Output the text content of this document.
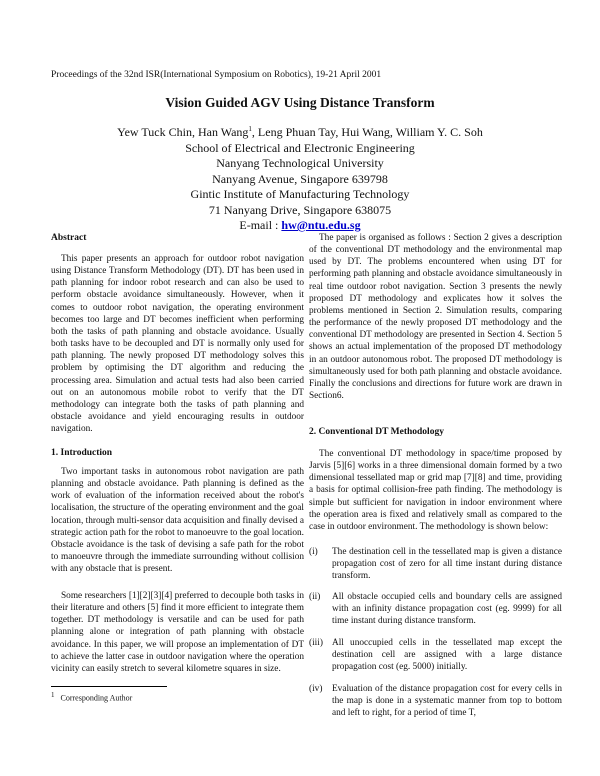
Proceedings of the 32nd ISR(International Symposium on Robotics), 19-21 April 2001
Vision Guided AGV Using Distance Transform
Yew Tuck Chin, Han Wang$^1$, Leng Phuan Tay, Hui Wang, William Y. C. Soh
School of Electrical and Electronic Engineering
Nanyang Technological University
Nanyang Avenue, Singapore 639798
Gintic Institute of Manufacturing Technology
71 Nanyang Drive, Singapore 638075
E-mail : hw@ntu.edu.sg
Abstract

This paper presents an approach for outdoor robot navigation using Distance Transform Methodology (DT). DT has been used in path planning for indoor robot research and can also be used to perform obstacle avoidance simultaneously. However, when it comes to outdoor robot navigation, the operating environment becomes too large and DT becomes inefficient when performing both the tasks of path planning and obstacle avoidance. Usually both tasks have to be decoupled and DT is normally only used for path planning. The newly proposed DT methodology solves this problem by optimising the DT algorithm and reducing the processing area. Simulation and actual tests had also been carried out on an autonomous mobile robot to verify that the DT methodology can integrate both the tasks of path planning and obstacle avoidance and yield encouraging results in outdoor navigation.

1. Introduction

Two important tasks in autonomous robot navigation are path planning and obstacle avoidance. Path planning is defined as the work of evaluation of the information received about the robot's localisation, the structure of the operating environment and the goal location, through multi-sensor data acquisition and finally devised a strategic action path for the robot to manoeuvre to the goal location. Obstacle avoidance is the task of devising a safe path for the robot to manoeuvre through the immediate surrounding without collision with any obstacle that is present.

Some researchers [1][2][3][4] preferred to decouple both tasks in their literature and others [5] find it more efficient to integrate them together. DT methodology is versatile and can be used for path planning alone or integration of path planning with obstacle avoidance. In this paper, we will propose an implementation of DT to achieve the latter case in outdoor navigation where the operation vicinity can easily stretch to several kilometre squares in size.

$^1$ Corresponding Author

The paper is organised as follows : Section 2 gives a description of the conventional DT methodology and the environmental map used by DT. The problems encountered when using DT for performing path planning and obstacle avoidance simultaneously in real time outdoor robot navigation. Section 3 presents the newly proposed DT methodology and explicates how it solves the problems mentioned in Section 2. Simulation results, comparing the performance of the newly proposed DT methodology and the conventional DT methodology are presented in Section 4. Section 5 shows an actual implementation of the proposed DT methodology in an outdoor autonomous robot. The proposed DT methodology is simultaneously used for both path planning and obstacle avoidance. Finally the conclusions and directions for future work are drawn in Section6.

2. Conventional DT Methodology

The conventional DT methodology in space/time proposed by Jarvis [5][6] works in a three dimensional domain formed by a two dimensional tessellated map or grid map [7][8] and time, providing a basis for optimal collision-free path finding. The methodology is simple but sufficient for navigation in indoor environment where the operation area is fixed and relatively small as compared to the case in outdoor environment. The methodology is shown below:

(i) The destination cell in the tessellated map is given a distance propagation cost of zero for all time instant during distance transform.
(ii) All obstacle occupied cells and boundary cells are assigned with an infinity distance propagation cost (eg. 9999) for all time instant during distance transform.
(iii) All unoccupied cells in the tessellated map except the destination cell are assigned with a large distance propagation cost (eg. 5000) initially.
(iv) Evaluation of the distance propagation cost for every cells in the map is done in a systematic manner from top to bottom and left to right, for a period of time T,
